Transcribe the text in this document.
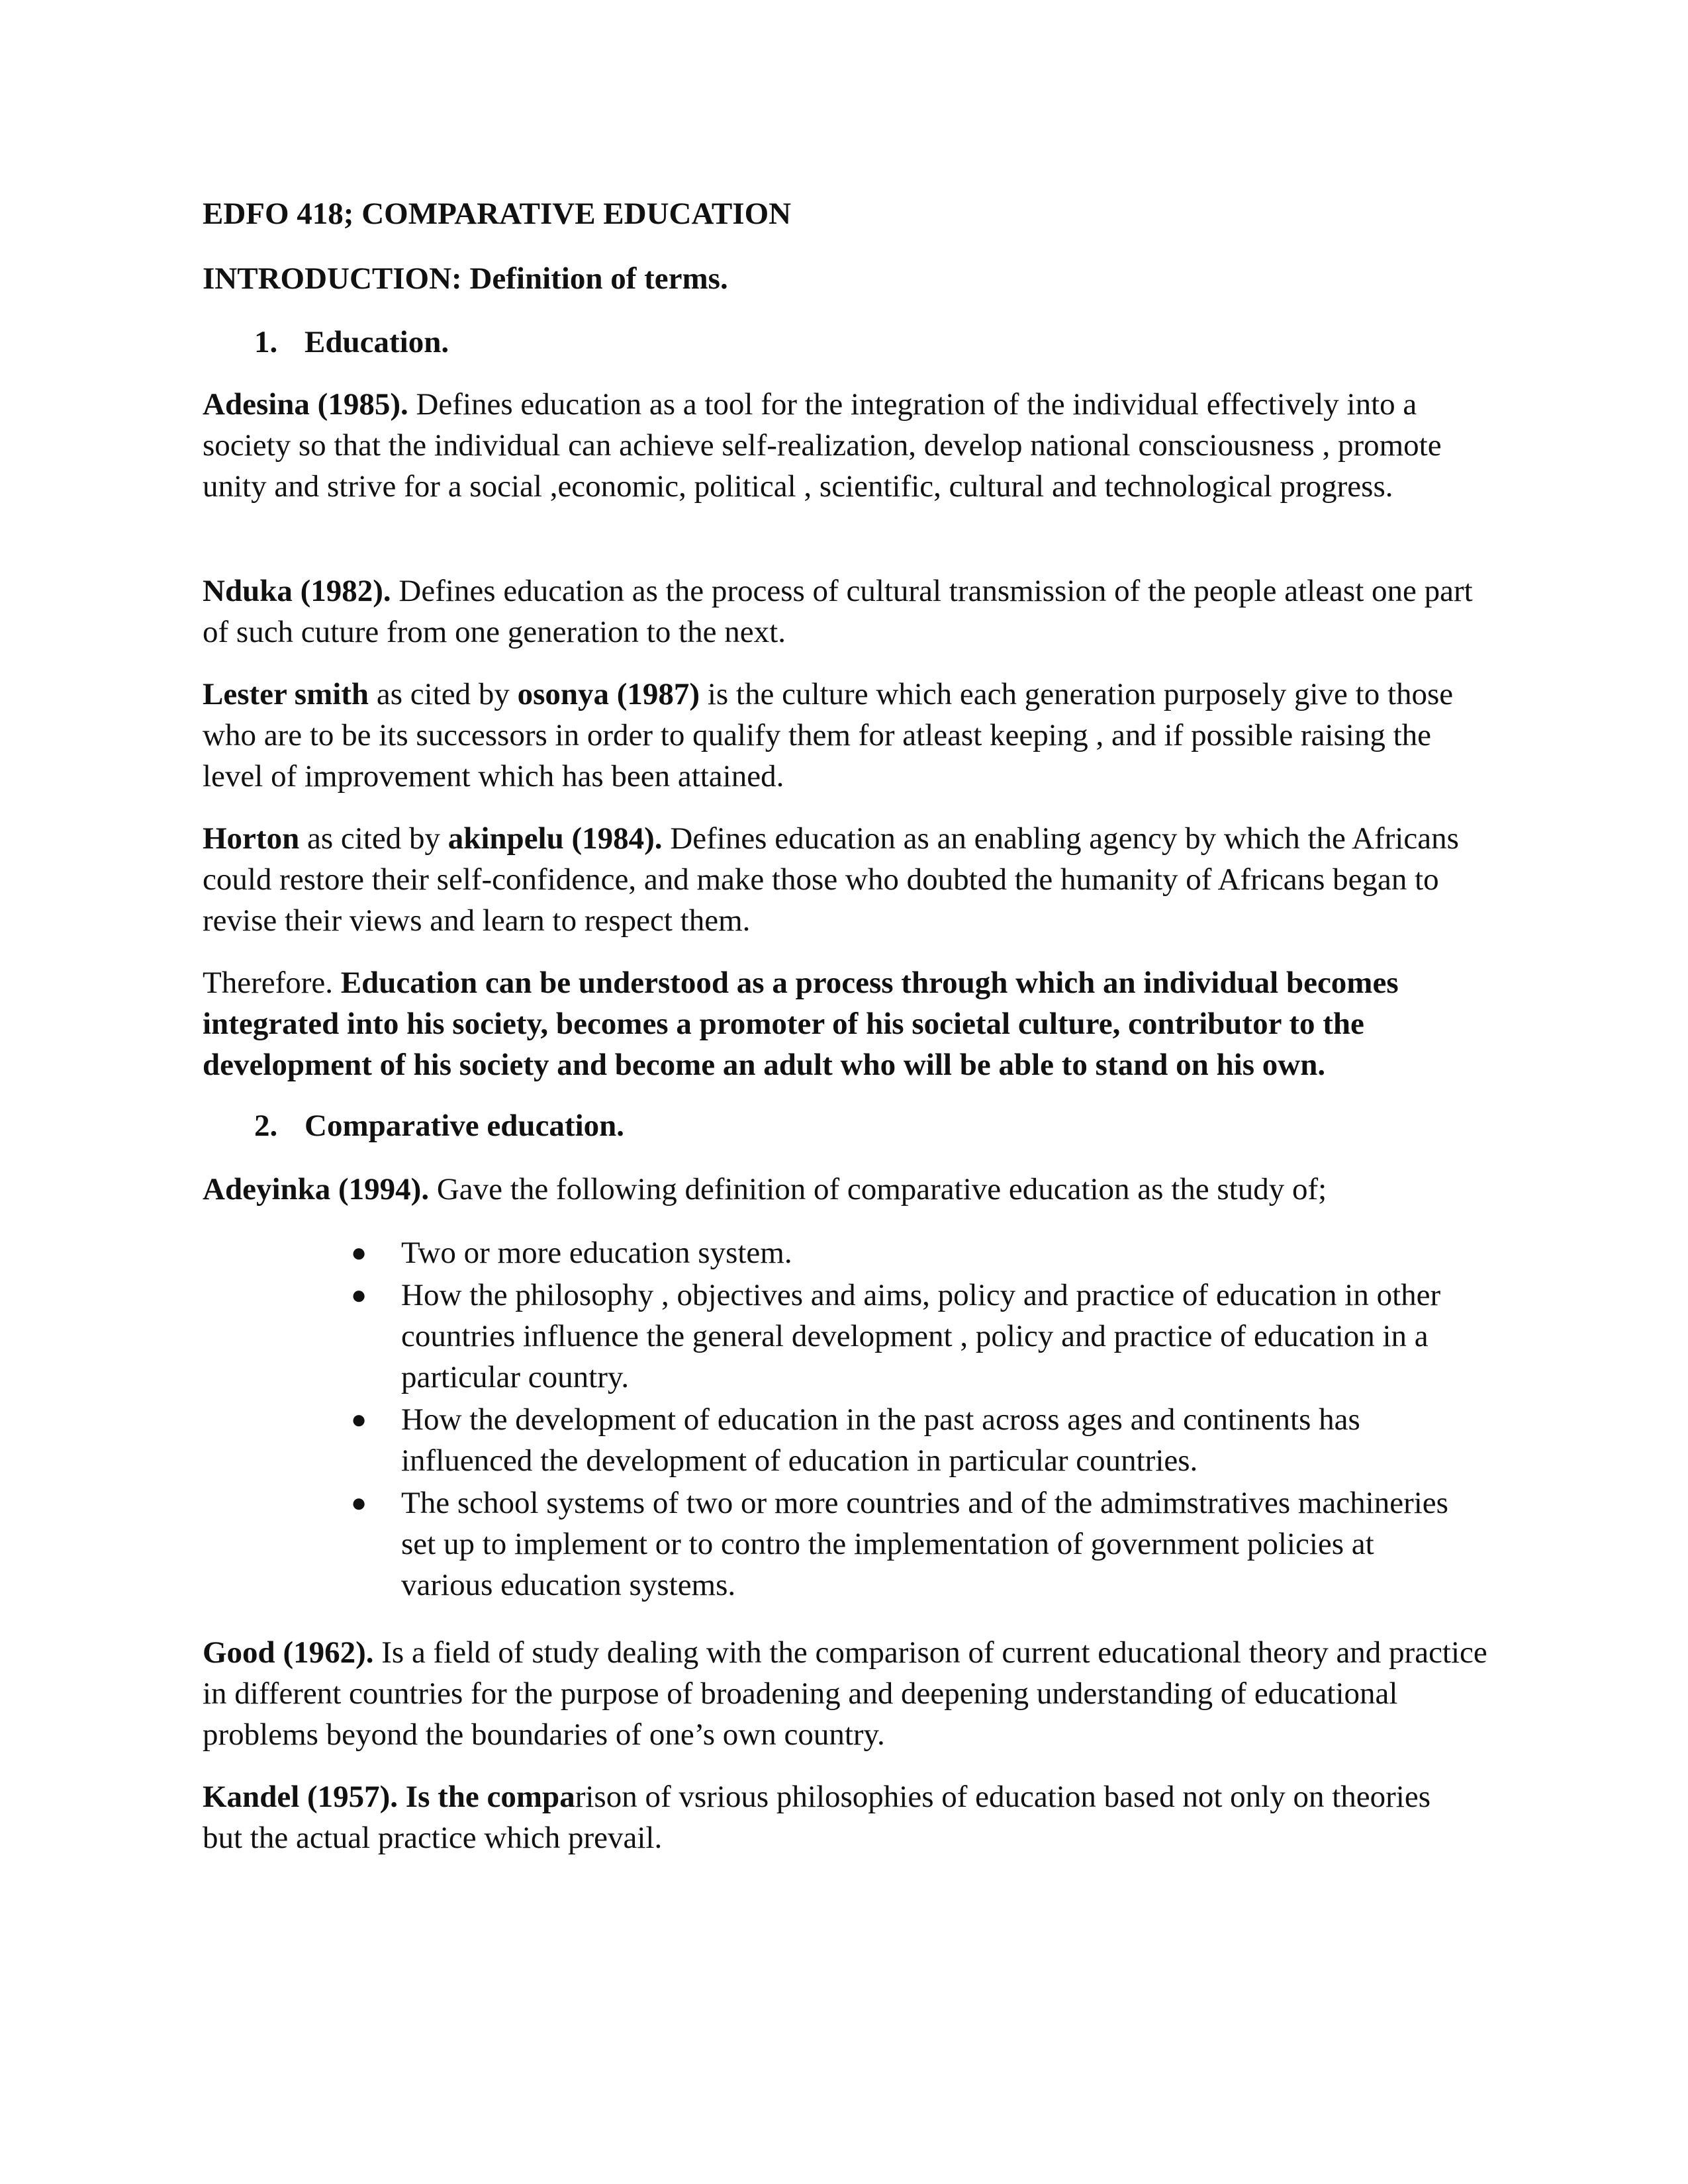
EDFO 418; COMPARATIVE EDUCATION
INTRODUCTION: Definition of terms.
1. Education.
Adesina (1985). Defines education as a tool for the integration of the individual effectively into a society so that the individual can achieve self-realization, develop national consciousness , promote unity and strive for a social ,economic, political , scientific, cultural and technological progress.
Nduka (1982). Defines education as the process of cultural transmission of the people atleast one part of such cuture from one generation to the next.
Lester smith as cited by osonya (1987) is the culture which each generation purposely give to those who are to be its successors in order to qualify them for atleast keeping , and if possible raising the level of improvement which has been attained.
Horton as cited by akinpelu (1984). Defines education as an enabling agency by which the Africans could restore their self-confidence, and make those who doubted the humanity of Africans began to revise their views and learn to respect them.
Therefore. Education can be understood as a process through which an individual becomes integrated into his society, becomes a promoter of his societal culture, contributor to the development of his society and become an adult who will be able to stand on his own.
2. Comparative education.
Adeyinka (1994). Gave the following definition of comparative education as the study of;
● Two or more education system.
● How the philosophy , objectives and aims, policy and practice of education in other countries influence the general development , policy and practice of education in a particular country.
● How the development of education in the past across ages and continents has influenced the development of education in particular countries.
● The school systems of two or more countries and of the admimstratives machineries set up to implement or to contro the implementation of government policies at various education systems.
Good (1962). Is a field of study dealing with the comparison of current educational theory and practice in different countries for the purpose of broadening and deepening understanding of educational problems beyond the boundaries of one’s own country.
Kandel (1957). Is the comparison of vsrious philosophies of education based not only on theories but the actual practice which prevail.
